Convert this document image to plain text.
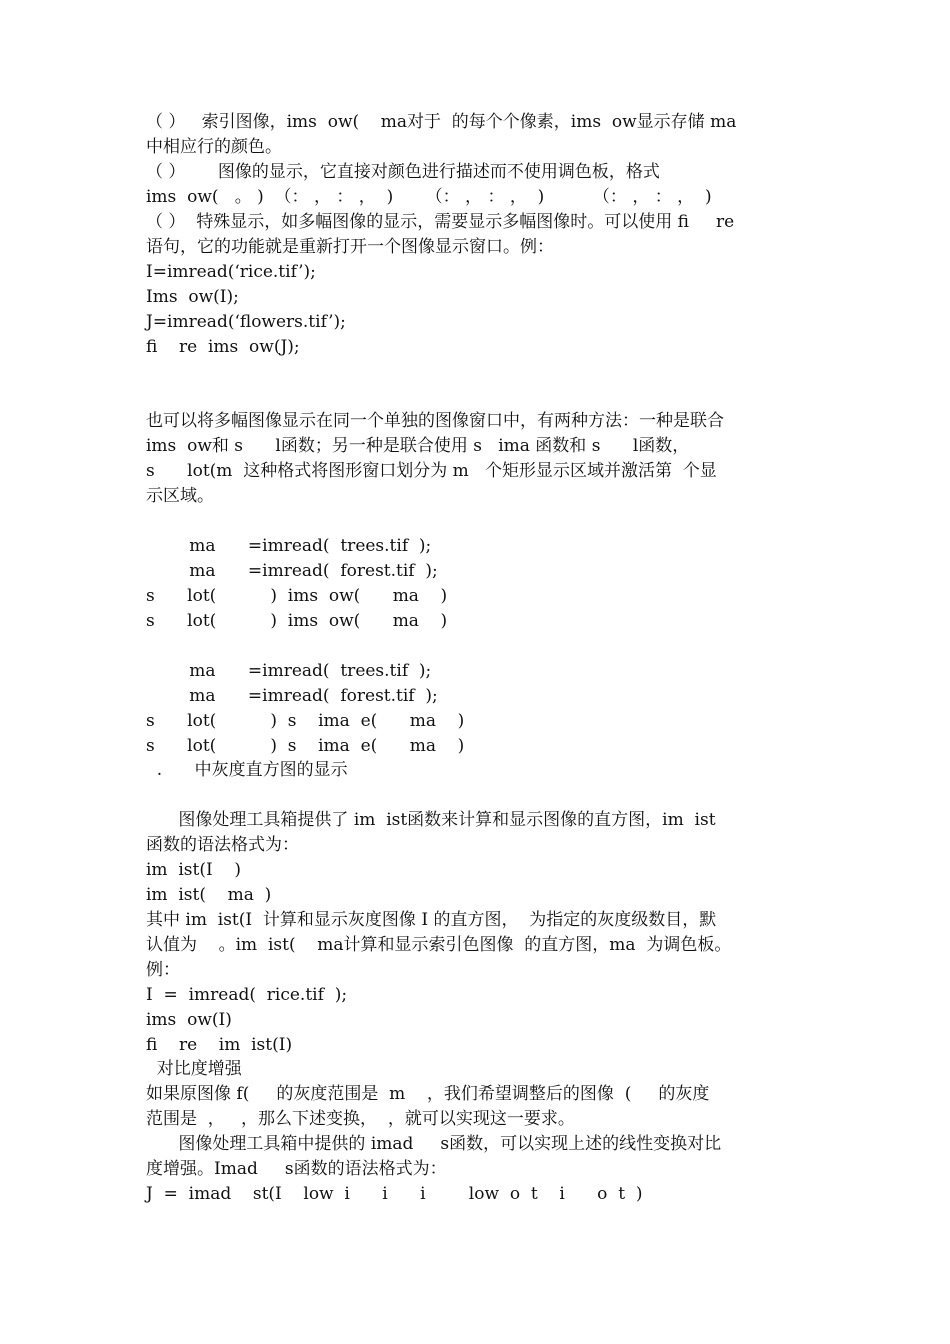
（ ）   索引图像，ims  ow(    ma对于  的每个个像素，ims  ow显示存储 ma
中相应行的颜色。
（ ）      图像的显示，它直接对颜色进行描述而不使用调色板，格式
ims  ow(   。 )  （： ， ： ，  )      （： ， ： ，  )         （： ， ： ，  )
（ ）  特殊显示，如多幅图像的显示，需要显示多幅图像时。可以使用 fi     re
语句，它的功能就是重新打开一个图像显示窗口。例：
I=imread(‘rice.tif’);
Ims  ow(I);
J=imread(‘flowers.tif’);
fi    re  ims  ow(J);
也可以将多幅图像显示在同一个单独的图像窗口中，有两种方法：一种是联合
ims  ow和 s      l函数；另一种是联合使用 s   ima 函数和 s      l函数，
s      lot(m  这种格式将图形窗口划分为 m   个矩形显示区域并激活第  个显
示区域。
ma      =imread(  trees.tif  );
ma      =imread(  forest.tif  );
s      lot(          )  ims  ow(      ma    )
s      lot(          )  ims  ow(      ma    )
ma      =imread(  trees.tif  );
ma      =imread(  forest.tif  );
s      lot(          )  s    ima  e(      ma    )
s      lot(          )  s    ima  e(      ma    )
.      中灰度直方图的显示
图像处理工具箱提供了 im  ist函数来计算和显示图像的直方图，im  ist
函数的语法格式为：
im  ist(I    )
im  ist(    ma  )
其中 im  ist(I  计算和显示灰度图像 I 的直方图，  为指定的灰度级数目，默
认值为    。im  ist(    ma计算和显示索引色图像  的直方图，ma  为调色板。
例：
I  =  imread(  rice.tif  );
ims  ow(I)
fi    re    im  ist(I)
对比度增强
如果原图像 f(     的灰度范围是  m    ，我们希望调整后的图像  (     的灰度
范围是  ，   ，那么下述变换，  ，就可以实现这一要求。
图像处理工具箱中提供的 imad     s函数，可以实现上述的线性变换对比
度增强。Imad     s函数的语法格式为：
J  =  imad    st(I    low  i      i      i        low  o  t    i      o  t  )
